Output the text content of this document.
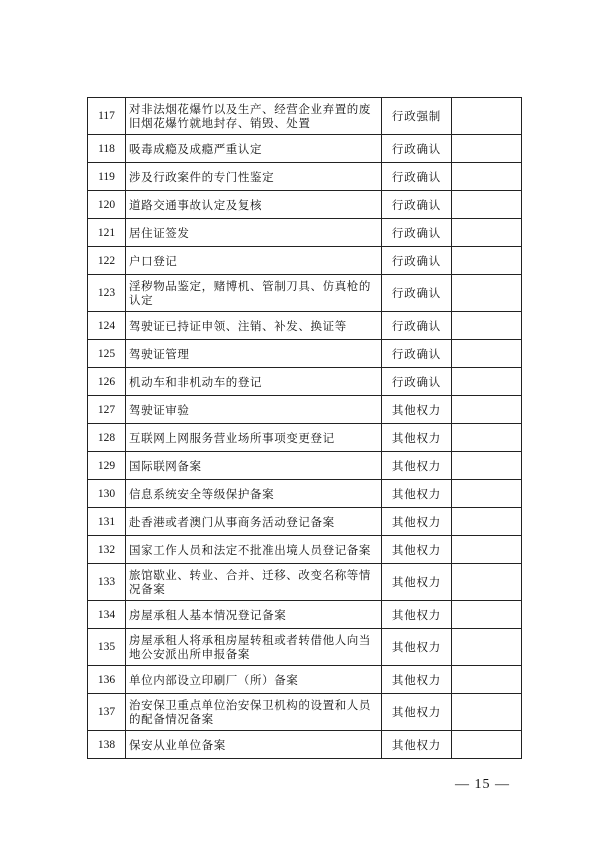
117	对非法烟花爆竹以及生产、经营企业弃置的废旧烟花爆竹就地封存、销毁、处置	行政强制	
118	吸毒成瘾及成瘾严重认定	行政确认	
119	涉及行政案件的专门性鉴定	行政确认	
120	道路交通事故认定及复核	行政确认	
121	居住证签发	行政确认	
122	户口登记	行政确认	
123	淫秽物品鉴定，赌博机、管制刀具、仿真枪的认定	行政确认	
124	驾驶证已持证申领、注销、补发、换证等	行政确认	
125	驾驶证管理	行政确认	
126	机动车和非机动车的登记	行政确认	
127	驾驶证审验	其他权力	
128	互联网上网服务营业场所事项变更登记	其他权力	
129	国际联网备案	其他权力	
130	信息系统安全等级保护备案	其他权力	
131	赴香港或者澳门从事商务活动登记备案	其他权力	
132	国家工作人员和法定不批准出境人员登记备案	其他权力	
133	旅馆歇业、转业、合并、迁移、改变名称等情况备案	其他权力	
134	房屋承租人基本情况登记备案	其他权力	
135	房屋承租人将承租房屋转租或者转借他人向当地公安派出所申报备案	其他权力	
136	单位内部设立印刷厂（所）备案	其他权力	
137	治安保卫重点单位治安保卫机构的设置和人员的配备情况备案	其他权力	
138	保安从业单位备案	其他权力	
— 15 —
